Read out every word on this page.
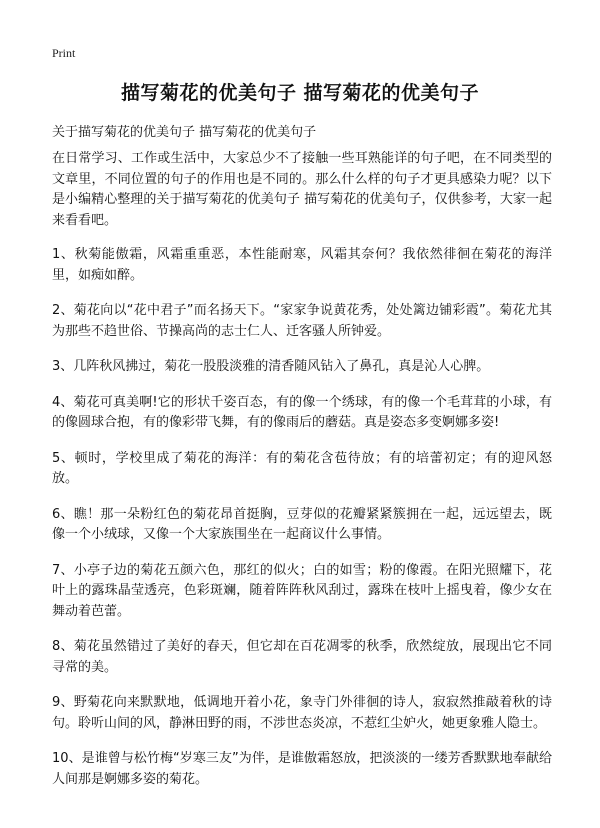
Print
描写菊花的优美句子 描写菊花的优美句子
关于描写菊花的优美句子 描写菊花的优美句子

在日常学习、工作或生活中，大家总少不了接触一些耳熟能详的句子吧，在不同类型的文章里，不同位置的句子的作用也是不同的。那么什么样的句子才更具感染力呢？以下是小编精心整理的关于描写菊花的优美句子 描写菊花的优美句子，仅供参考，大家一起来看看吧。

1、秋菊能傲霜，风霜重重恶，本性能耐寒，风霜其奈何？我依然徘徊在菊花的海洋里，如痴如醉。

2、菊花向以“花中君子”而名扬天下。“家家争说黄花秀，处处篱边铺彩霞”。菊花尤其为那些不趋世俗、节操高尚的志士仁人、迁客骚人所钟爱。

3、几阵秋风拂过，菊花一股股淡雅的清香随风钻入了鼻孔，真是沁人心脾。

4、菊花可真美啊!它的形状千姿百态，有的像一个绣球，有的像一个毛茸茸的小球，有的像圆球合抱，有的像彩带飞舞，有的像雨后的蘑菇。真是姿态多变婀娜多姿!

5、顿时，学校里成了菊花的海洋：有的菊花含苞待放；有的培蕾初定；有的迎风怒放。

6、瞧！那一朵粉红色的菊花昂首挺胸，豆芽似的花瓣紧紧簇拥在一起，远远望去，既像一个小绒球，又像一个大家族围坐在一起商议什么事情。

7、小亭子边的菊花五颜六色，那红的似火；白的如雪；粉的像霞。在阳光照耀下，花叶上的露珠晶莹透亮，色彩斑斓，随着阵阵秋风刮过，露珠在枝叶上摇曳着，像少女在舞动着芭蕾。

8、菊花虽然错过了美好的春天，但它却在百花凋零的秋季，欣然绽放，展现出它不同寻常的美。

9、野菊花向来默默地，低调地开着小花，象寺门外徘徊的诗人，寂寂然推敲着秋的诗句。聆听山间的风，静淋田野的雨，不涉世态炎凉，不惹红尘妒火，她更象雅人隐士。

10、是谁曾与松竹梅“岁寒三友”为伴，是谁傲霜怒放，把淡淡的一缕芳香默默地奉献给人间那是婀娜多姿的菊花。
